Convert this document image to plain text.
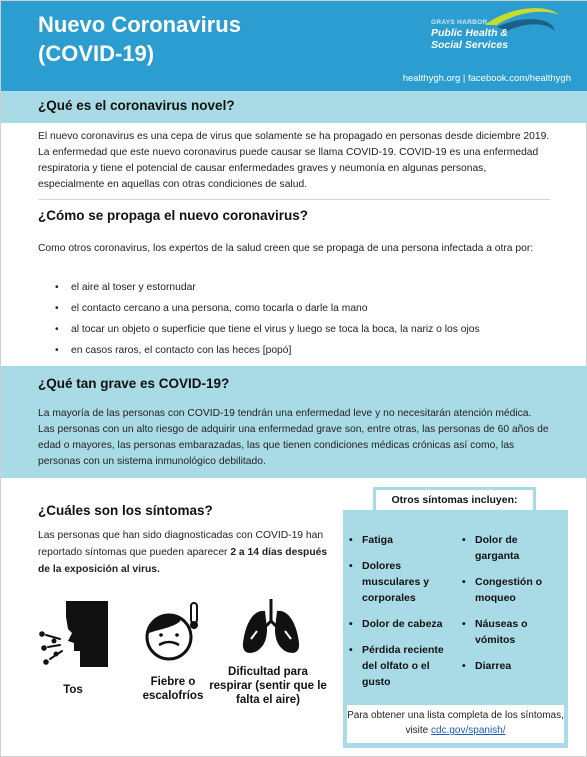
Nuevo Coronavirus
(COVID-19)
GRAYS HARBOR
Public Health &
Social Services
healthygh.org | facebook.com/healthygh
¿Qué es el coronavirus novel?
El nuevo coronavirus es una cepa de virus que solamente se ha propagado en personas desde diciembre 2019. La enfermedad que este nuevo coronavirus puede causar se llama COVID-19. COVID-19 es una enfermedad respiratoria y tiene el potencial de causar enfermedades graves y neumonía en algunas personas, especialmente en aquellas con otras condiciones de salud.
¿Cómo se propaga el nuevo coronavirus?
Como otros coronavirus, los expertos de la salud creen que se propaga de una persona infectada a otra por:
• el aire al toser y estornudar
• el contacto cercano a una persona, como tocarla o darle la mano
• al tocar un objeto o superficie que tiene el virus y luego se toca la boca, la nariz o los ojos
• en casos raros, el contacto con las heces [popó]
¿Qué tan grave es COVID-19?
La mayoría de las personas con COVID-19 tendrán una enfermedad leve y no necesitarán atención médica. Las personas con un alto riesgo de adquirir una enfermedad grave son, entre otras, las personas de 60 años de edad o mayores, las personas embarazadas, las que tienen condiciones médicas crónicas así como, las personas con un sistema inmunológico debilitado.
¿Cuáles son los síntomas?
Las personas que han sido diagnosticadas con COVID-19 han reportado síntomas que pueden aparecer 2 a 14 días después de la exposición al virus.
Tos
Fiebre o escalofríos
Dificultad para respirar (sentir que le falta el aire)
Otros síntomas incluyen:
• Fatiga
• Dolores musculares y corporales
• Dolor de cabeza
• Pérdida reciente del olfato o el gusto
• Dolor de garganta
• Congestión o moqueo
• Náuseas o vómitos
• Diarrea
Para obtener una lista completa de los síntomas, visite cdc.gov/spanish/
